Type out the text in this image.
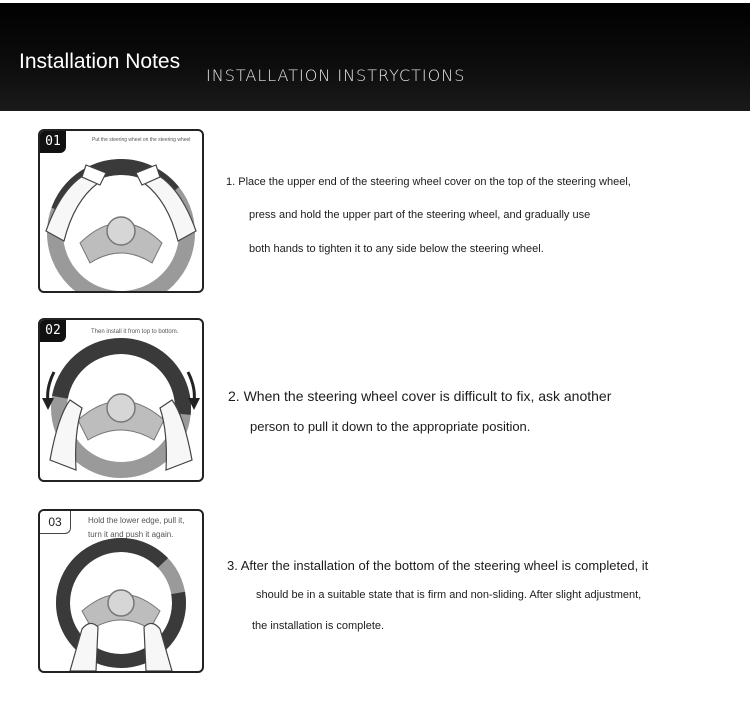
Installation Notes
INSTALLATION INSTRYCTIONS
01	Put the steering wheel on the steering wheel
1. Place the upper end of the steering wheel cover on the top of the steering wheel,
press and hold the upper part of the steering wheel, and gradually use
both hands to tighten it to any side below the steering wheel.
02	Then install it from top to bottom.
2. When the steering wheel cover is difficult to fix, ask another
person to pull it down to the appropriate position.
03	Hold the lower edge, pull it,
turn it and push it again.
3. After the installation of the bottom of the steering wheel is completed, it
should be in a suitable state that is firm and non-sliding. After slight adjustment,
the installation is complete.
